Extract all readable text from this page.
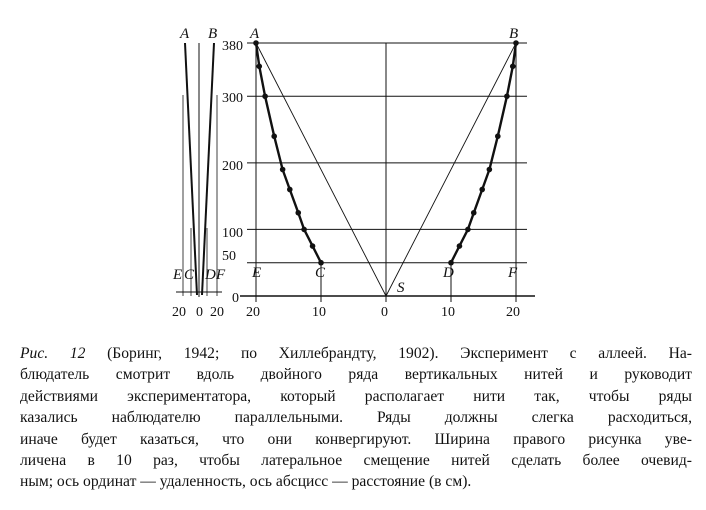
A B
E C D F
20 0 20
380
300
200
100
50
0
A	B
E	C	D	F
S
20	10	0	10	20
Рис. 12 (Боринг, 1942; по Хиллебрандту, 1902). Эксперимент с аллеей. На-
блюдатель смотрит вдоль двойного ряда вертикальных нитей и руководит
действиями экспериментатора, который располагает нити так, чтобы ряды
казались наблюдателю параллельными. Ряды должны слегка расходиться,
иначе будет казаться, что они конвергируют. Ширина правого рисунка уве-
личена в 10 раз, чтобы латеральное смещение нитей сделать более очевид-
ным; ось ординат — удаленность, ось абсцисс — расстояние (в см).
